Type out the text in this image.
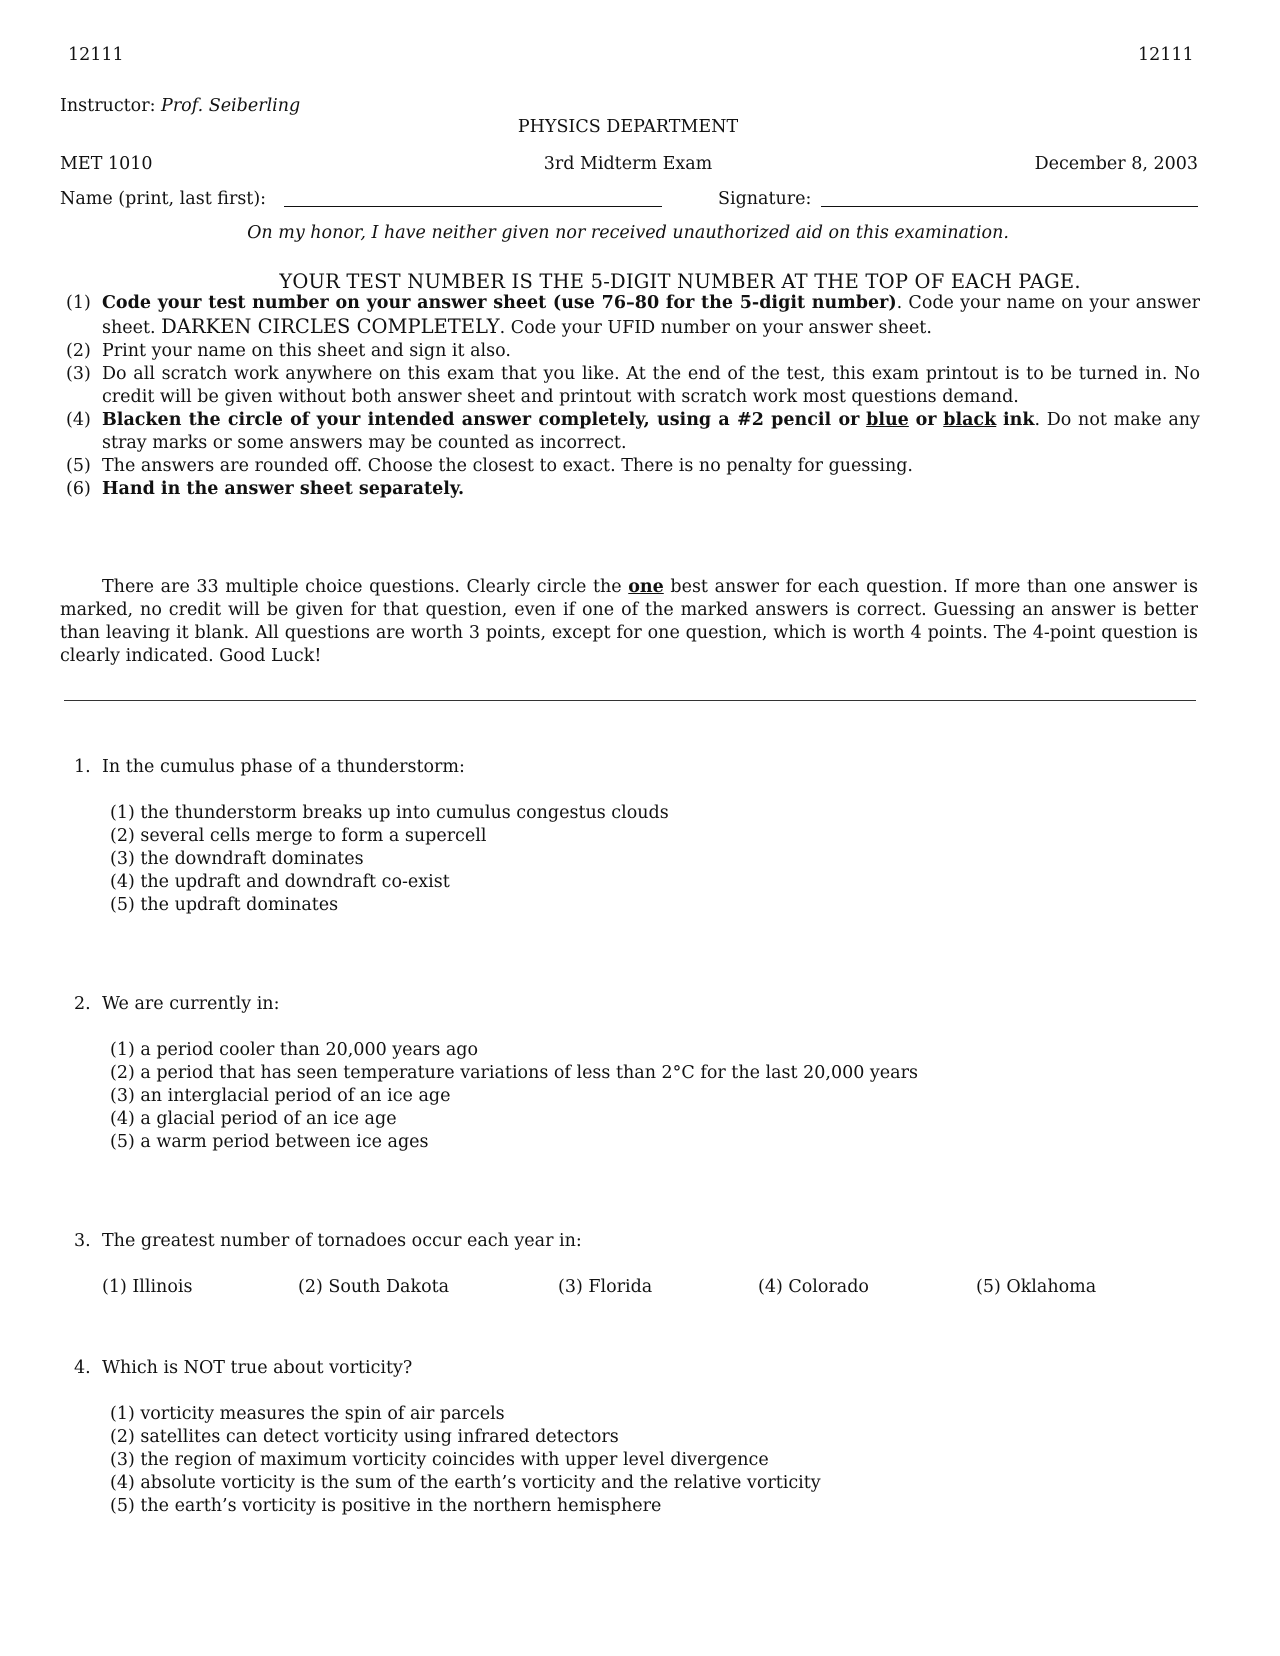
12111	12111
Instructor: Prof. Seiberling
PHYSICS DEPARTMENT
MET 1010	3rd Midterm Exam	December 8, 2003
Name (print, last first):	Signature:
On my honor, I have neither given nor received unauthorized aid on this examination.
YOUR TEST NUMBER IS THE 5-DIGIT NUMBER AT THE TOP OF EACH PAGE.

(1) Code your test number on your answer sheet (use 76–80 for the 5-digit number). Code your name on your answer sheet. DARKEN CIRCLES COMPLETELY. Code your UFID number on your answer sheet.

(2) Print your name on this sheet and sign it also.

(3) Do all scratch work anywhere on this exam that you like. At the end of the test, this exam printout is to be turned in. No credit will be given without both answer sheet and printout with scratch work most questions demand.

(4) Blacken the circle of your intended answer completely, using a #2 pencil or blue or black ink. Do not make any stray marks or some answers may be counted as incorrect.

(5) The answers are rounded off. Choose the closest to exact. There is no penalty for guessing.

(6) Hand in the answer sheet separately.

There are 33 multiple choice questions. Clearly circle the one best answer for each question. If more than one answer is marked, no credit will be given for that question, even if one of the marked answers is correct. Guessing an answer is better than leaving it blank. All questions are worth 3 points, except for one question, which is worth 4 points. The 4-point question is clearly indicated. Good Luck!
1. In the cumulus phase of a thunderstorm:
(1) the thunderstorm breaks up into cumulus congestus clouds
(2) several cells merge to form a supercell
(3) the downdraft dominates
(4) the updraft and downdraft co-exist
(5) the updraft dominates
2. We are currently in:
(1) a period cooler than 20,000 years ago
(2) a period that has seen temperature variations of less than 2°C for the last 20,000 years
(3) an interglacial period of an ice age
(4) a glacial period of an ice age
(5) a warm period between ice ages
3. The greatest number of tornadoes occur each year in:
(1) Illinois	(2) South Dakota	(3) Florida	(4) Colorado	(5) Oklahoma
4. Which is NOT true about vorticity?
(1) vorticity measures the spin of air parcels
(2) satellites can detect vorticity using infrared detectors
(3) the region of maximum vorticity coincides with upper level divergence
(4) absolute vorticity is the sum of the earth’s vorticity and the relative vorticity
(5) the earth’s vorticity is positive in the northern hemisphere
